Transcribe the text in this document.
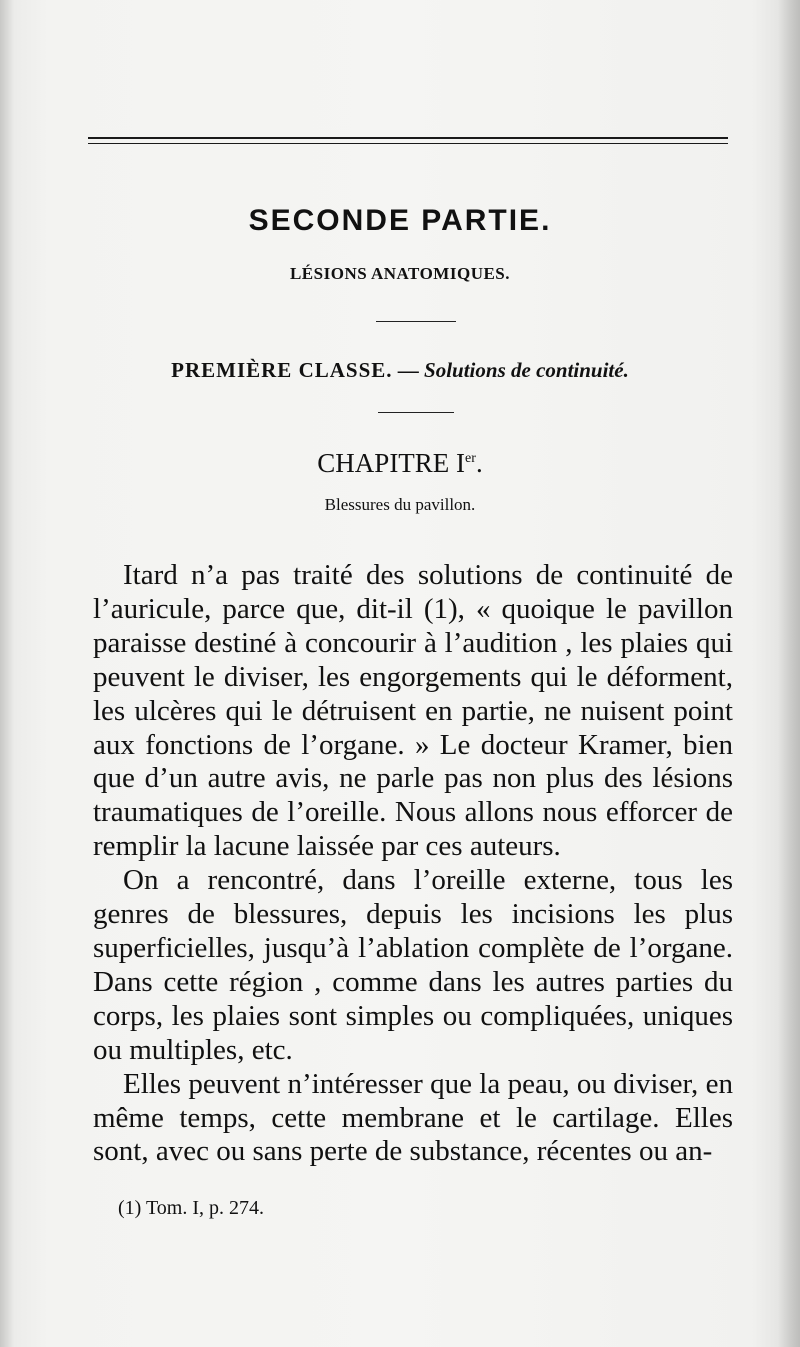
SECONDE PARTIE.
LÉSIONS ANATOMIQUES.
PREMIÈRE CLASSE. — Solutions de continuité.
CHAPITRE Ier.
Blessures du pavillon.

Itard n’a pas traité des solutions de continuité de l’auricule, parce que, dit-il (1), « quoique le pavillon paraisse destiné à concourir à l’audition , les plaies qui peuvent le diviser, les engorgements qui le déforment, les ulcères qui le détruisent en partie, ne nuisent point aux fonctions de l’organe. » Le docteur Kramer, bien que d’un autre avis, ne parle pas non plus des lésions traumatiques de l’oreille. Nous allons nous efforcer de remplir la lacune laissée par ces auteurs.

On a rencontré, dans l’oreille externe, tous les genres de blessures, depuis les incisions les plus superficielles, jusqu’à l’ablation complète de l’organe. Dans cette région , comme dans les autres parties du corps, les plaies sont simples ou compliquées, uniques ou multiples, etc.

Elles peuvent n’intéresser que la peau, ou diviser, en même temps, cette membrane et le cartilage. Elles sont, avec ou sans perte de substance, récentes ou an-

(1) Tom. I, p. 274.
